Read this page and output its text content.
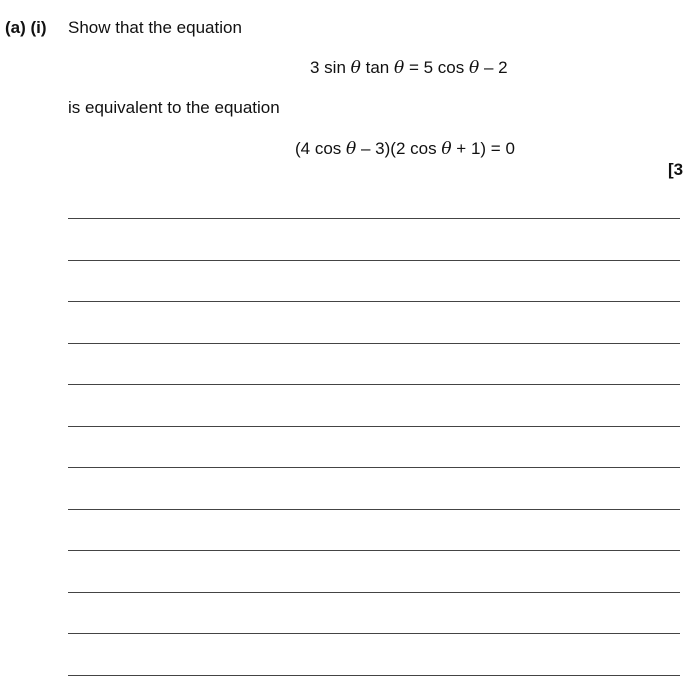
(a) (i) Show that the equation
3 sin θ tan θ = 5 cos θ – 2
is equivalent to the equation
(4 cos θ – 3)(2 cos θ + 1) = 0
[3
